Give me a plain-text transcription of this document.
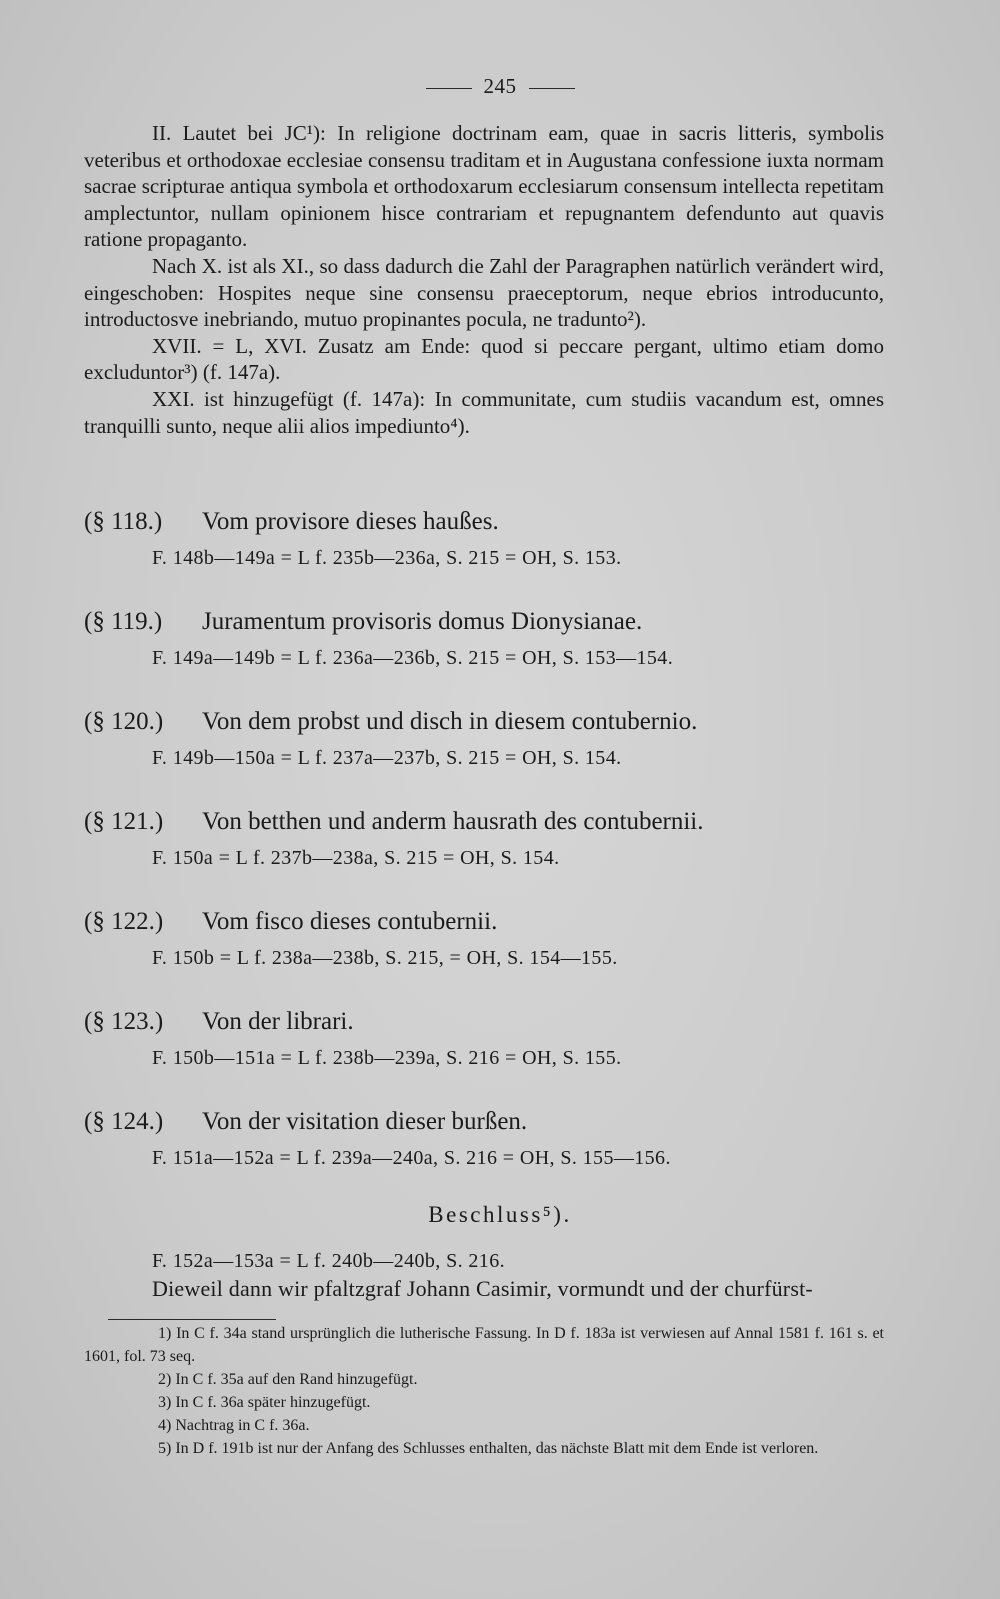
245

II. Lautet bei JC¹): In religione doctrinam eam, quae in sacris litteris, symbolis veteribus et orthodoxae ecclesiae consensu traditam et in Augustana confessione iuxta normam sacrae scripturae antiqua symbola et orthodoxarum ecclesiarum consensum intellecta repetitam amplectuntor, nullam opinionem hisce contrariam et repugnantem defendunto aut quavis ratione propaganto.

Nach X. ist als XI., so dass dadurch die Zahl der Paragraphen natürlich verändert wird, eingeschoben: Hospites neque sine consensu praeceptorum, neque ebrios introducunto, introductosve inebriando, mutuo propinantes pocula, ne tradunto²).

XVII. = L, XVI. Zusatz am Ende: quod si peccare pergant, ultimo etiam domo excluduntor³) (f. 147a).

XXI. ist hinzugefügt (f. 147a): In communitate, cum studiis vacandum est, omnes tranquilli sunto, neque alii alios impediunto⁴).

(§ 118.) Vom provisore dieses haußes.
F. 148b—149a = L f. 235b—236a, S. 215 = OH, S. 153.
(§ 119.) Juramentum provisoris domus Dionysianae.
F. 149a—149b = L f. 236a—236b, S. 215 = OH, S. 153—154.
(§ 120.) Von dem probst und disch in diesem contubernio.
F. 149b—150a = L f. 237a—237b, S. 215 = OH, S. 154.
(§ 121.) Von betthen und anderm hausrath des contubernii.
F. 150a = L f. 237b—238a, S. 215 = OH, S. 154.
(§ 122.) Vom fisco dieses contubernii.
F. 150b = L f. 238a—238b, S. 215, = OH, S. 154—155.
(§ 123.) Von der librari.
F. 150b—151a = L f. 238b—239a, S. 216 = OH, S. 155.
(§ 124.) Von der visitation dieser burßen.
F. 151a—152a = L f. 239a—240a, S. 216 = OH, S. 155—156.
Beschluss⁵).
F. 152a—153a = L f. 240b—240b, S. 216.
Dieweil dann wir pfaltzgraf Johann Casimir, vormundt und der churfürst-

1) In C f. 34a stand ursprünglich die lutherische Fassung. In D f. 183a ist verwiesen auf Annal 1581 f. 161 s. et 1601, fol. 73 seq.

2) In C f. 35a auf den Rand hinzugefügt.

3) In C f. 36a später hinzugefügt.

4) Nachtrag in C f. 36a.

5) In D f. 191b ist nur der Anfang des Schlusses enthalten, das nächste Blatt mit dem Ende ist verloren.
